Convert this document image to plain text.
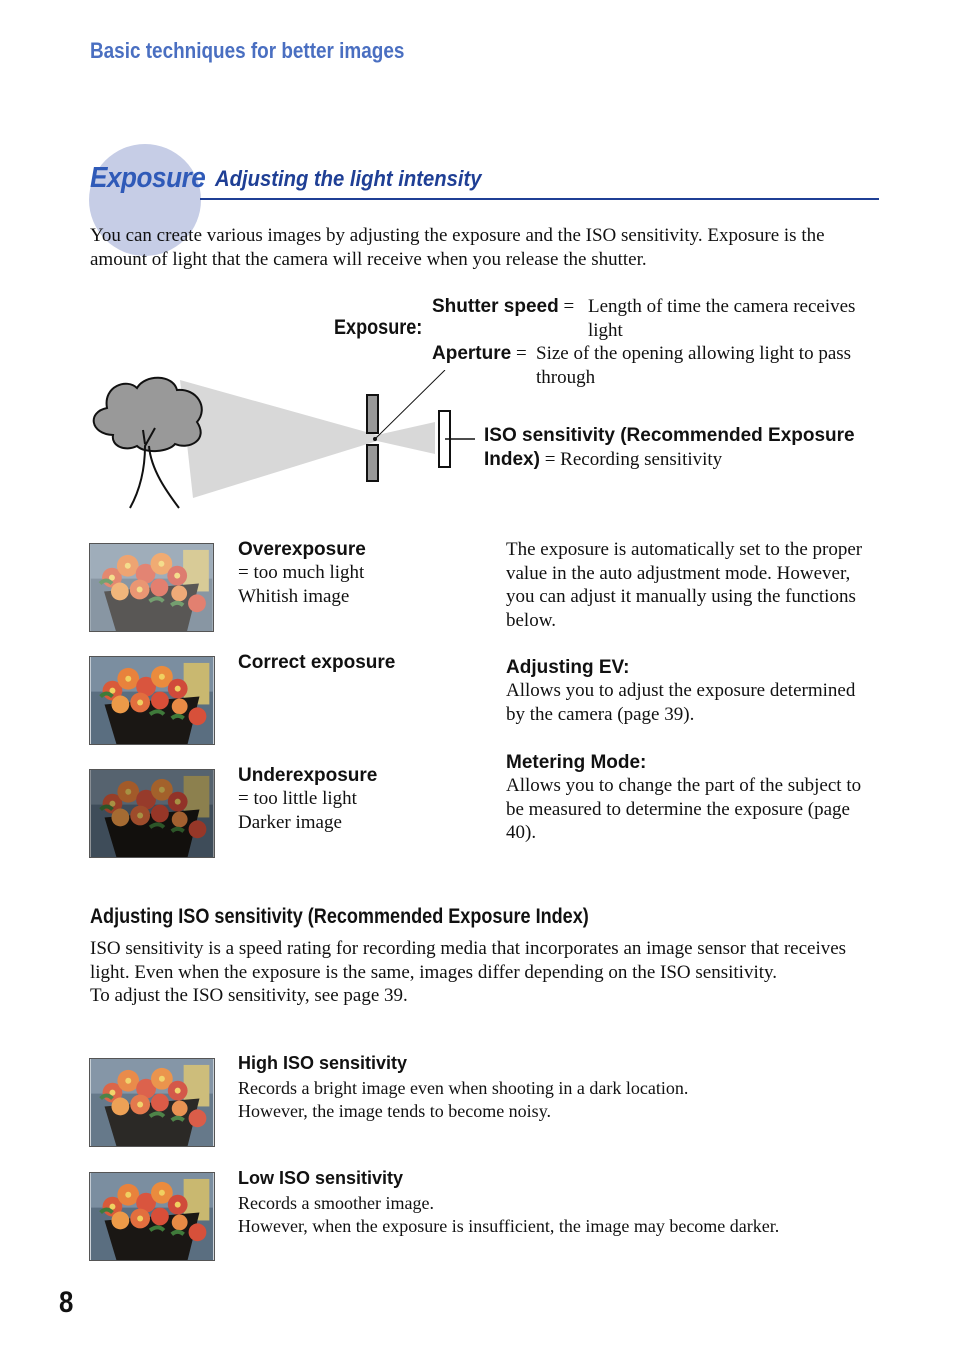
Basic techniques for better images
Exposure Adjusting the light intensity
You can create various images by adjusting the exposure and the ISO sensitivity. Exposure is the amount of light that the camera will receive when you release the shutter.
Exposure:
Shutter speed = Length of time the camera receives light
Aperture = Size of the opening allowing light to pass through
ISO sensitivity (Recommended Exposure Index) = Recording sensitivity
Overexposure
= too much light
Whitish image
Correct exposure
Underexposure
= too little light
Darker image
The exposure is automatically set to the proper value in the auto adjustment mode. However, you can adjust it manually using the functions below.
Adjusting EV:
Allows you to adjust the exposure determined by the camera (page 39).
Metering Mode:
Allows you to change the part of the subject to be measured to determine the exposure (page 40).
Adjusting ISO sensitivity (Recommended Exposure Index)
ISO sensitivity is a speed rating for recording media that incorporates an image sensor that receives light. Even when the exposure is the same, images differ depending on the ISO sensitivity.
To adjust the ISO sensitivity, see page 39.
High ISO sensitivity
Records a bright image even when shooting in a dark location.
However, the image tends to become noisy.
Low ISO sensitivity
Records a smoother image.
However, when the exposure is insufficient, the image may become darker.
8
